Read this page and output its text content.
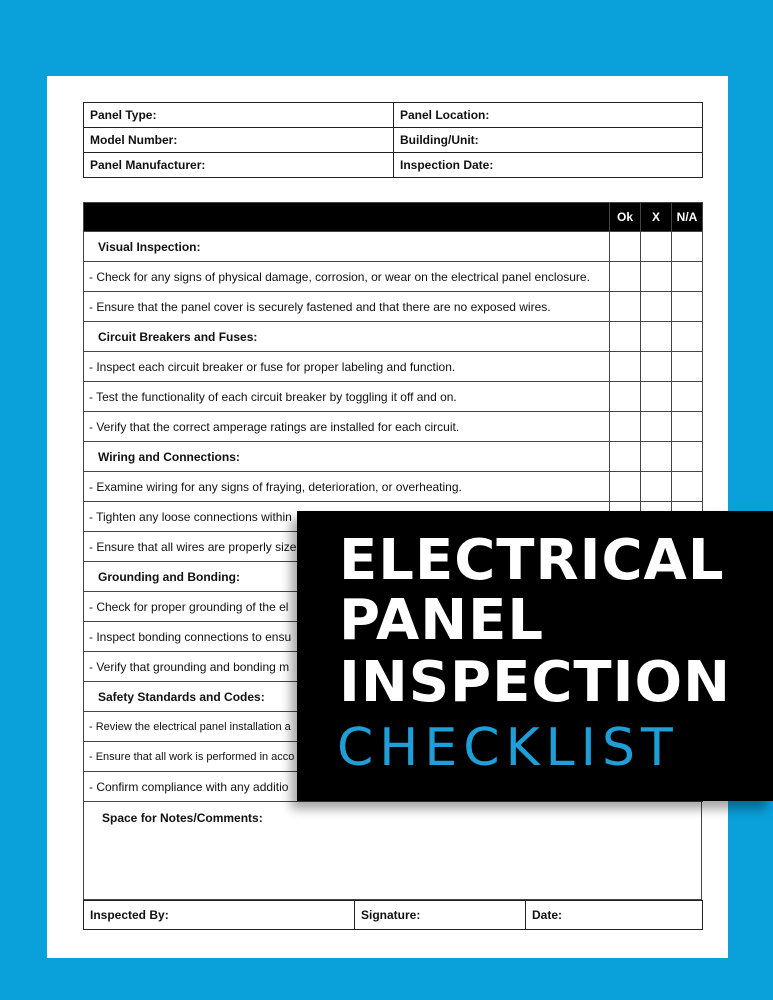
Panel Type:	Panel Location:
Model Number:	Building/Unit:
Panel Manufacturer:	Inspection Date:
	Ok	X	N/A
Visual Inspection:			
- Check for any signs of physical damage, corrosion, or wear on the electrical panel enclosure.			
- Ensure that the panel cover is securely fastened and that there are no exposed wires.			
Circuit Breakers and Fuses:			
- Inspect each circuit breaker or fuse for proper labeling and function.			
- Test the functionality of each circuit breaker by toggling it off and on.			
- Verify that the correct amperage ratings are installed for each circuit.			
Wiring and Connections:			
- Examine wiring for any signs of fraying, deterioration, or overheating.			
- Tighten any loose connections within			
- Ensure that all wires are properly size			
Grounding and Bonding:			
- Check for proper grounding of the el			
- Inspect bonding connections to ensu			
- Verify that grounding and bonding m			
Safety Standards and Codes:			
- Review the electrical panel installation a			
- Ensure that all work is performed in acco			
- Confirm compliance with any additio			
Space for Notes/Comments:
Inspected By:	Signature:	Date:
ELECTRICAL
PANEL
INSPECTION
CHECKLIST
